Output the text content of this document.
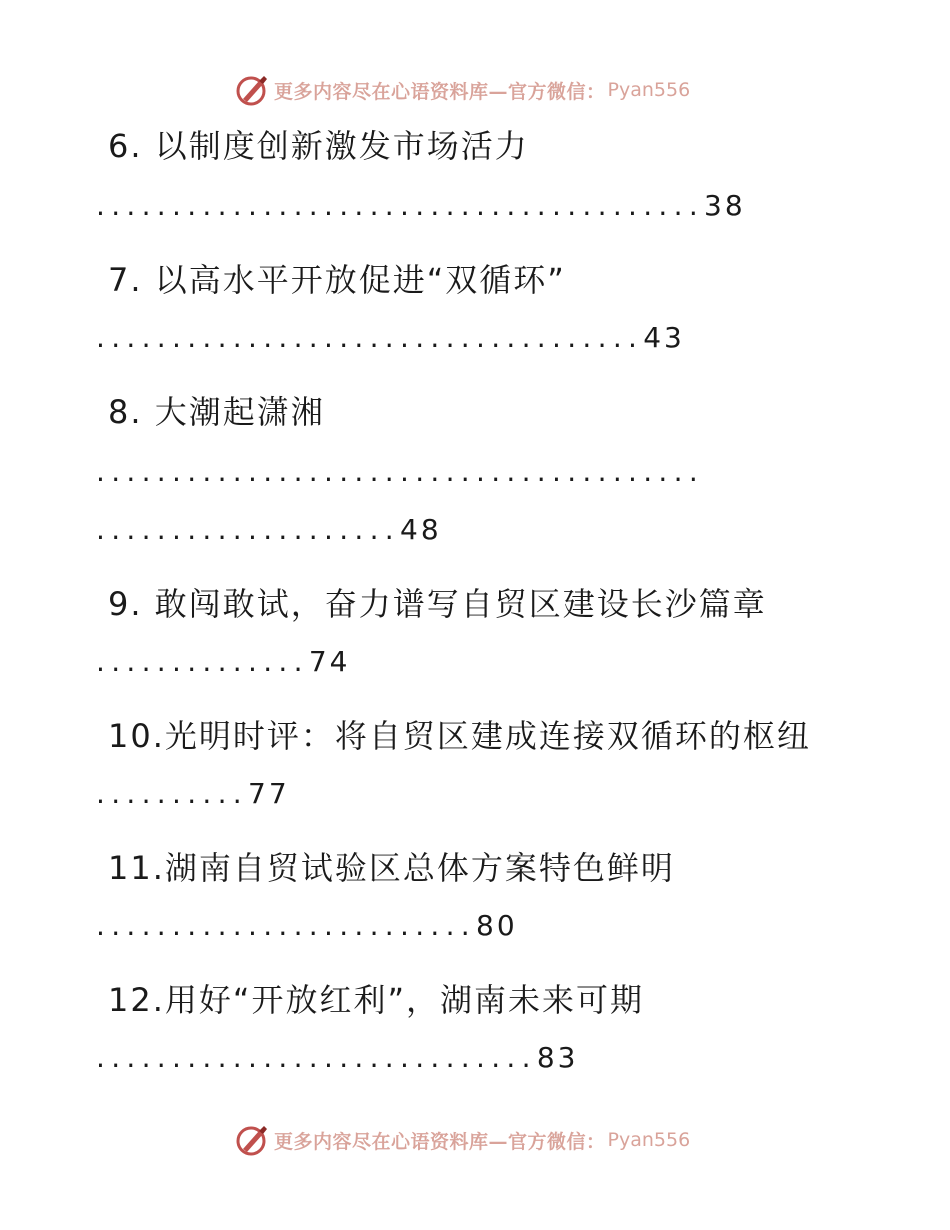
更多内容尽在心语资料库—官方微信： Pyan556
6. 以制度创新激发市场活力
........................................38
7. 以高水平开放促进“双循环”
....................................43
8. 大潮起潇湘
........................................
....................48
9. 敢闯敢试，奋力谱写自贸区建设长沙篇章
..............74
10.光明时评：将自贸区建成连接双循环的枢纽
..........77
11.湖南自贸试验区总体方案特色鲜明
.........................80
12.用好“开放红利”，湖南未来可期
.............................83
更多内容尽在心语资料库—官方微信： Pyan556
